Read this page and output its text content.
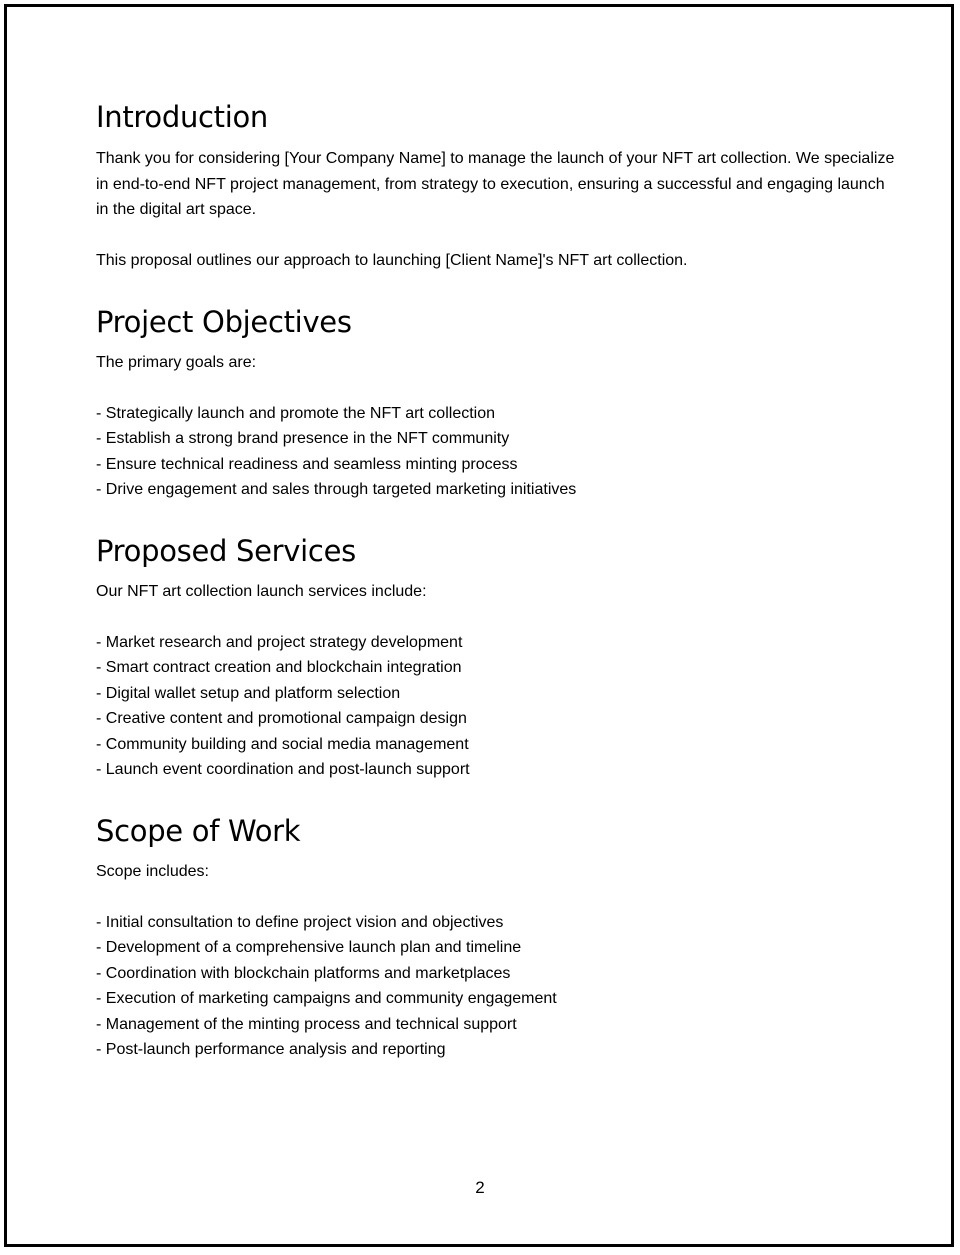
Introduction

Thank you for considering [Your Company Name] to manage the launch of your NFT art collection. We specialize in end-to-end NFT project management, from strategy to execution, ensuring a successful and engaging launch in the digital art space.

This proposal outlines our approach to launching [Client Name]'s NFT art collection.

Project Objectives

The primary goals are:

- Strategically launch and promote the NFT art collection
- Establish a strong brand presence in the NFT community
- Ensure technical readiness and seamless minting process
- Drive engagement and sales through targeted marketing initiatives
Proposed Services

Our NFT art collection launch services include:

- Market research and project strategy development
- Smart contract creation and blockchain integration
- Digital wallet setup and platform selection
- Creative content and promotional campaign design
- Community building and social media management
- Launch event coordination and post-launch support
Scope of Work

Scope includes:

- Initial consultation to define project vision and objectives
- Development of a comprehensive launch plan and timeline
- Coordination with blockchain platforms and marketplaces
- Execution of marketing campaigns and community engagement
- Management of the minting process and technical support
- Post-launch performance analysis and reporting
2
